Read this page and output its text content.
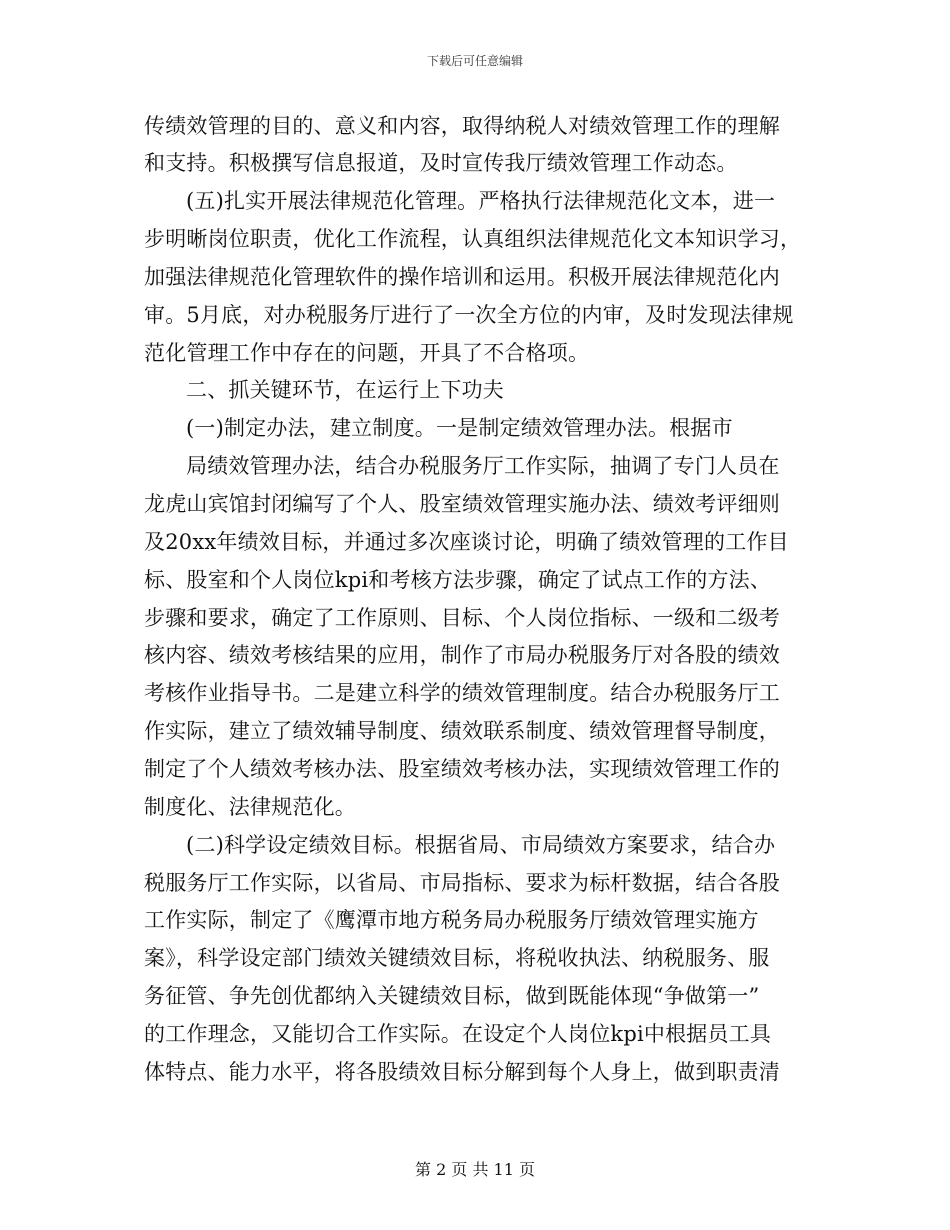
下载后可任意编辑
传绩效管理的目的、意义和内容，取得纳税人对绩效管理工作的理解
和支持。积极撰写信息报道，及时宣传我厅绩效管理工作动态。
(五)扎实开展法律规范化管理。严格执行法律规范化文本，进一
步明晰岗位职责，优化工作流程，认真组织法律规范化文本知识学习，
加强法律规范化管理软件的操作培训和运用。积极开展法律规范化内
审。5月底，对办税服务厅进行了一次全方位的内审，及时发现法律规
范化管理工作中存在的问题，开具了不合格项。
二、抓关键环节，在运行上下功夫
(一)制定办法，建立制度。一是制定绩效管理办法。根据市
局绩效管理办法，结合办税服务厅工作实际，抽调了专门人员在
龙虎山宾馆封闭编写了个人、股室绩效管理实施办法、绩效考评细则
及20xx年绩效目标，并通过多次座谈讨论，明确了绩效管理的工作目
标、股室和个人岗位kpi和考核方法步骤，确定了试点工作的方法、
步骤和要求，确定了工作原则、目标、个人岗位指标、一级和二级考
核内容、绩效考核结果的应用，制作了市局办税服务厅对各股的绩效
考核作业指导书。二是建立科学的绩效管理制度。结合办税服务厅工
作实际，建立了绩效辅导制度、绩效联系制度、绩效管理督导制度，
制定了个人绩效考核办法、股室绩效考核办法，实现绩效管理工作的
制度化、法律规范化。
(二)科学设定绩效目标。根据省局、市局绩效方案要求，结合办
税服务厅工作实际，以省局、市局指标、要求为标杆数据，结合各股
工作实际，制定了《鹰潭市地方税务局办税服务厅绩效管理实施方
案》，科学设定部门绩效关键绩效目标，将税收执法、纳税服务、服
务征管、争先创优都纳入关键绩效目标，做到既能体现“争做第一”
的工作理念，又能切合工作实际。在设定个人岗位kpi中根据员工具
体特点、能力水平，将各股绩效目标分解到每个人身上，做到职责清
第 2 页 共 11 页
